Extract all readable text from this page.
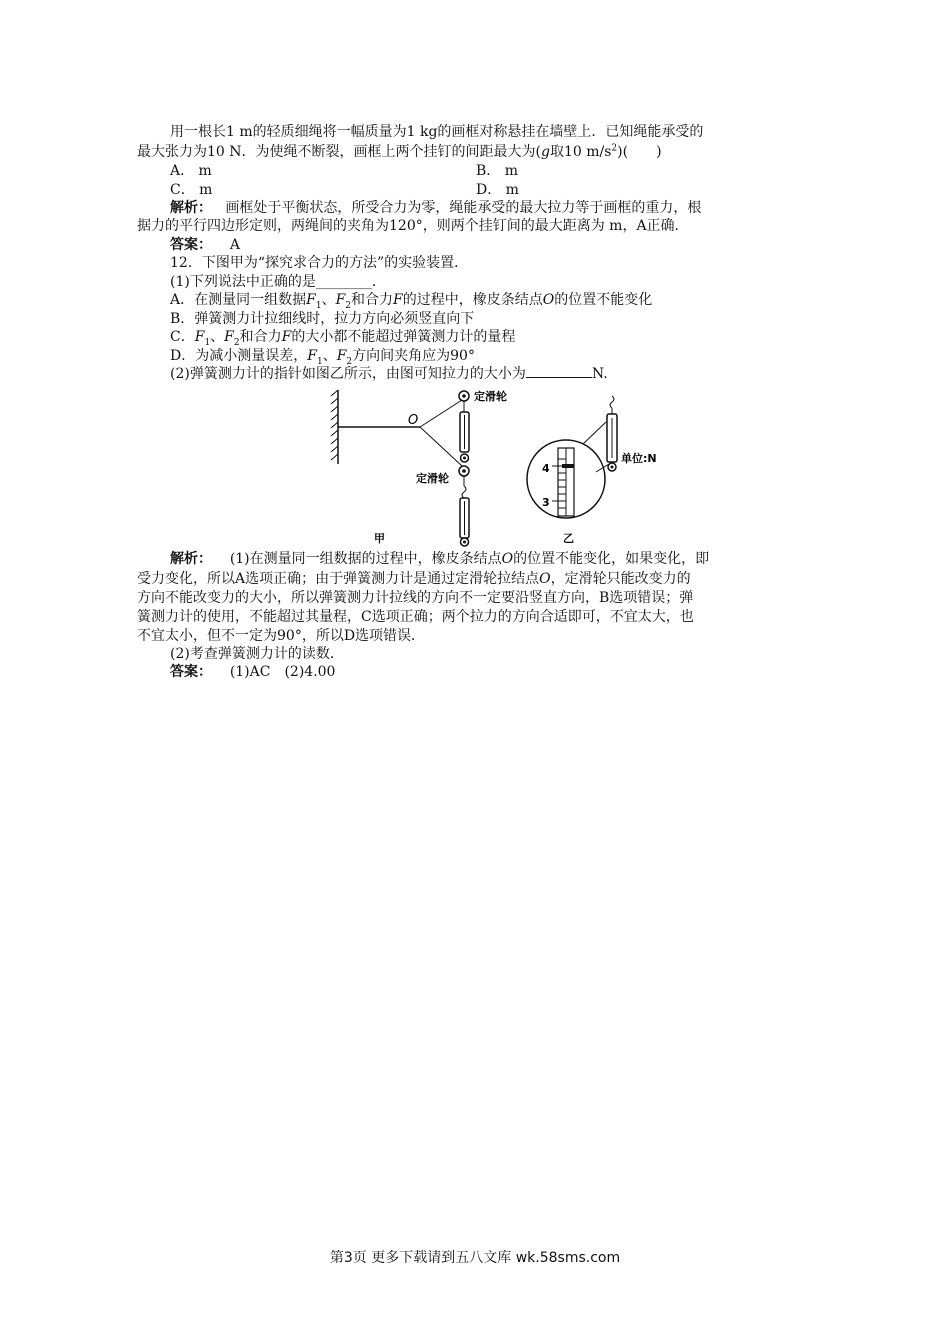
用一根长1 m的轻质细绳将一幅质量为1 kg的画框对称悬挂在墙壁上．已知绳能承受的
最大张力为10 N．为使绳不断裂，画框上两个挂钉的间距最大为(g取10 $m/s^2$)(　　)
A． m	B． m
C． m	D． m
解析： 画框处于平衡状态，所受合力为零，绳能承受的最大拉力等于画框的重力，根
据力的平行四边形定则，两绳间的夹角为120°，则两个挂钉间的最大距离为 m，A正确．
答案： A
12．下图甲为“探究求合力的方法”的实验装置．
(1)下列说法中正确的是________．
A．在测量同一组数据$F_1$、$F_2$和合力F的过程中，橡皮条结点O的位置不能变化
B．弹簧测力计拉细线时，拉力方向必须竖直向下
C．$F_1$、$F_2$和合力F的大小都不能超过弹簧测力计的量程
D．为减小测量误差，$F_1$、$F_2$方向间夹角应为90°
(2)弹簧测力计的指针如图乙所示，由图可知拉力的大小为	N.
O
定滑轮
定滑轮
甲
4
3
单位:N
乙
解析： (1)在测量同一组数据的过程中，橡皮条结点O的位置不能变化，如果变化，即
受力变化，所以A选项正确；由于弹簧测力计是通过定滑轮拉结点O，定滑轮只能改变力的
方向不能改变力的大小，所以弹簧测力计拉线的方向不一定要沿竖直方向，B选项错误；弹
簧测力计的使用，不能超过其量程，C选项正确；两个拉力的方向合适即可，不宜太大，也
不宜太小，但不一定为90°，所以D选项错误．
(2)考查弹簧测力计的读数．
答案： (1)AC　(2)4.00
第3页 更多下载请到五八文库 wk.58sms.com
